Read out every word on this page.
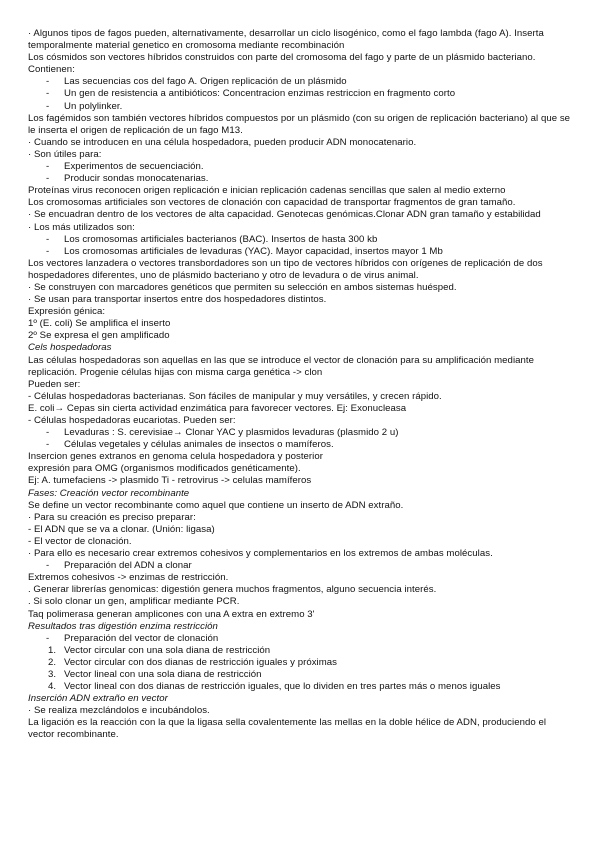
· Algunos tipos de fagos pueden, alternativamente, desarrollar un ciclo lisogénico, como el fago lambda (fago A). Inserta temporalmente material genetico en cromosoma mediante recombinación
Los cósmidos son vectores híbridos construidos con parte del cromosoma del fago y parte de un plásmido bacteriano. Contienen:
- Las secuencias cos del fago A. Origen replicación de un plásmido
- Un gen de resistencia a antibióticos: Concentracion enzimas restriccion en fragmento corto
- Un polylinker.
Los fagémidos son también vectores híbridos compuestos por un plásmido (con su origen de replicación bacteriano) al que se le inserta el origen de replicación de un fago M13.
· Cuando se introducen en una célula hospedadora, pueden producir ADN monocatenario.
· Son útiles para:
- Experimentos de secuenciación.
- Producir sondas monocatenarias.
Proteínas virus reconocen origen replicación e inician replicación cadenas sencillas que salen al medio externo
Los cromosomas artificiales son vectores de clonación con capacidad de transportar fragmentos de gran tamaño.
· Se encuadran dentro de los vectores de alta capacidad. Genotecas genómicas.Clonar ADN gran tamaño y estabilidad
· Los más utilizados son:
- Los cromosomas artificiales bacterianos (BAC). Insertos de hasta 300 kb
- Los cromosomas artificiales de levaduras (YAC). Mayor capacidad, insertos mayor 1 Mb
Los vectores lanzadera o vectores transbordadores son un tipo de vectores híbridos con orígenes de replicación de dos hospedadores diferentes, uno de plásmido bacteriano y otro de levadura o de virus animal.
· Se construyen con marcadores genéticos que permiten su selección en ambos sistemas huésped.
· Se usan para transportar insertos entre dos hospedadores distintos.
Expresión génica:
1º (E. coli) Se amplifica el inserto
2º Se expresa el gen amplificado
Cels hospedadoras
Las células hospedadoras son aquellas en las que se introduce el vector de clonación para su amplificación mediante replicación. Progenie células hijas con misma carga genética -> clon
Pueden ser:
- Células hospedadoras bacterianas. Son fáciles de manipular y muy versátiles, y crecen rápido.
E. coli→ Cepas sin cierta actividad enzimática para favorecer vectores. Ej: Exonucleasa
- Células hospedadoras eucariotas. Pueden ser:
- Levaduras : S. cerevisiae→ Clonar YAC y plasmidos levaduras (plasmido 2 u)
- Células vegetales y células animales de insectos o mamíferos.
Insercion genes extranos en genoma celula hospedadora y posterior
expresión para OMG (organismos modificados genéticamente).
Ej: A. tumefaciens -> plasmido Ti - retrovirus -> celulas mamíferos
Fases: Creación vector recombinante
Se define un vector recombinante como aquel que contiene un inserto de ADN extraño.
· Para su creación es preciso preparar:
- El ADN que se va a clonar. (Unión: ligasa)
- El vector de clonación.
· Para ello es necesario crear extremos cohesivos y complementarios en los extremos de ambas moléculas.
- Preparación del ADN a clonar
Extremos cohesivos -> enzimas de restricción.
. Generar librerías genomicas: digestión genera muchos fragmentos, alguno secuencia interés.
. Si solo clonar un gen, amplificar mediante PCR.
Taq polimerasa generan amplicones con una A extra en extremo 3'
Resultados tras digestión enzima restricción
- Preparación del vector de clonación
1. Vector circular con una sola diana de restricción
2. Vector circular con dos dianas de restricción iguales y próximas
3. Vector lineal con una sola diana de restricción
4. Vector lineal con dos dianas de restricción iguales, que lo dividen en tres partes más o menos iguales
Inserción ADN extraño en vector
· Se realiza mezclándolos e incubándolos.
La ligación es la reacción con la que la ligasa sella covalentemente las mellas en la doble hélice de ADN, produciendo el vector recombinante.
